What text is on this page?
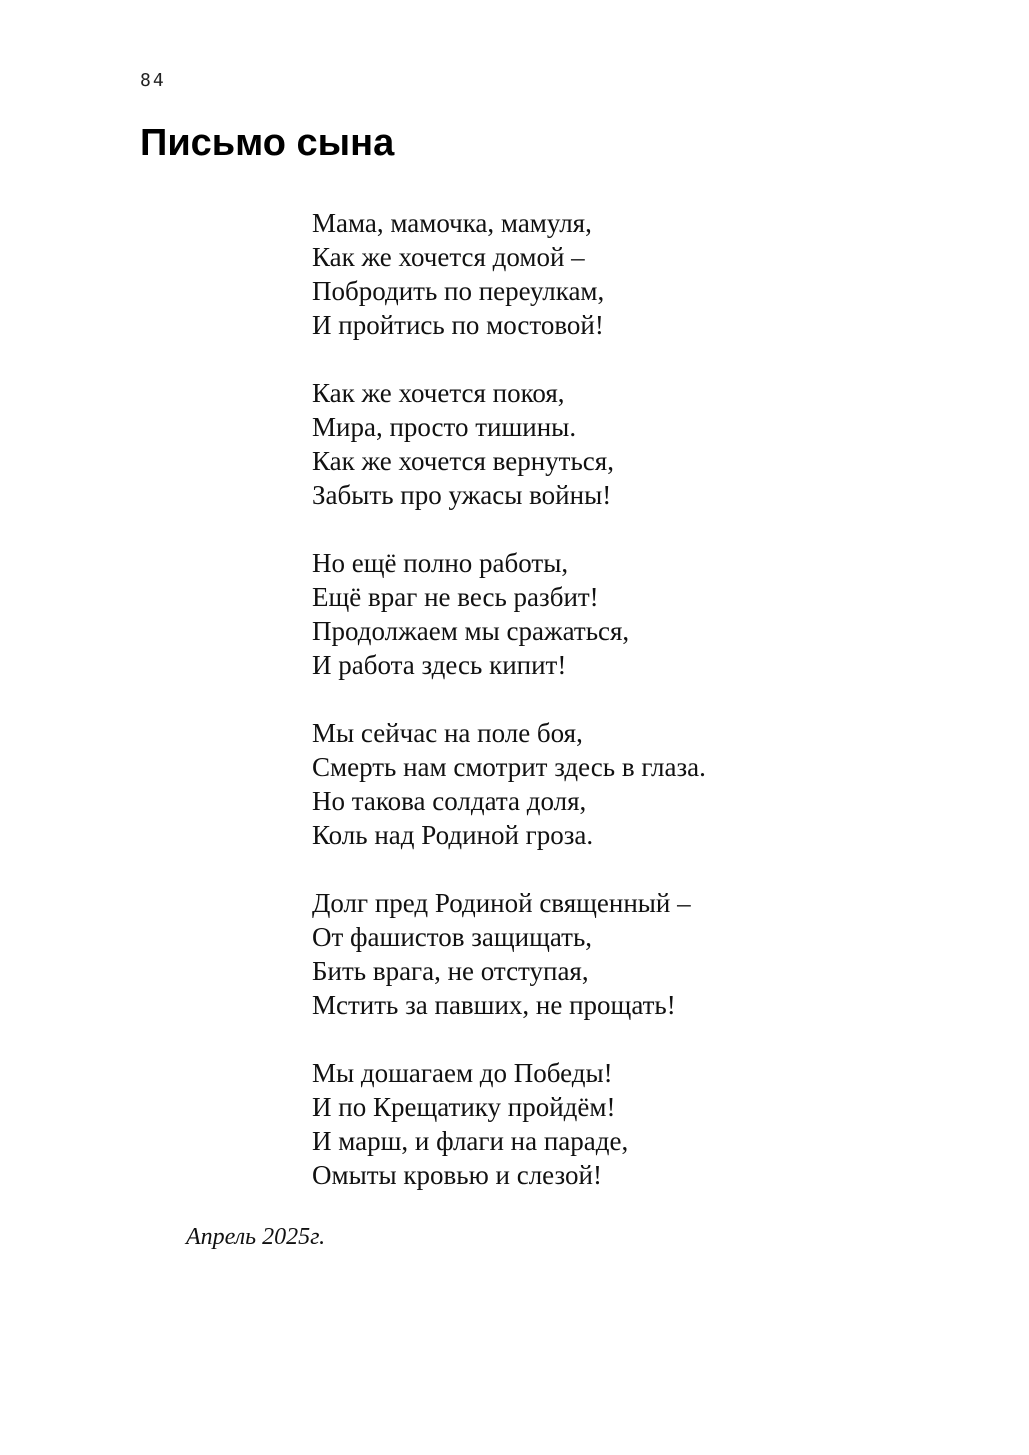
84
Письмо сына
Мама, мамочка, мамуля,
Как же хочется домой –
Побродить по переулкам,
И пройтись по мостовой!
Как же хочется покоя,
Мира, просто тишины.
Как же хочется вернуться,
Забыть про ужасы войны!
Но ещё полно работы,
Ещё враг не весь разбит!
Продолжаем мы сражаться,
И работа здесь кипит!
Мы сейчас на поле боя,
Смерть нам смотрит здесь в глаза.
Но такова солдата доля,
Коль над Родиной гроза.
Долг пред Родиной священный –
От фашистов защищать,
Бить врага, не отступая,
Мстить за павших, не прощать!
Мы дошагаем до Победы!
И по Крещатику пройдём!
И марш, и флаги на параде,
Омыты кровью и слезой!
Апрель 2025г.
